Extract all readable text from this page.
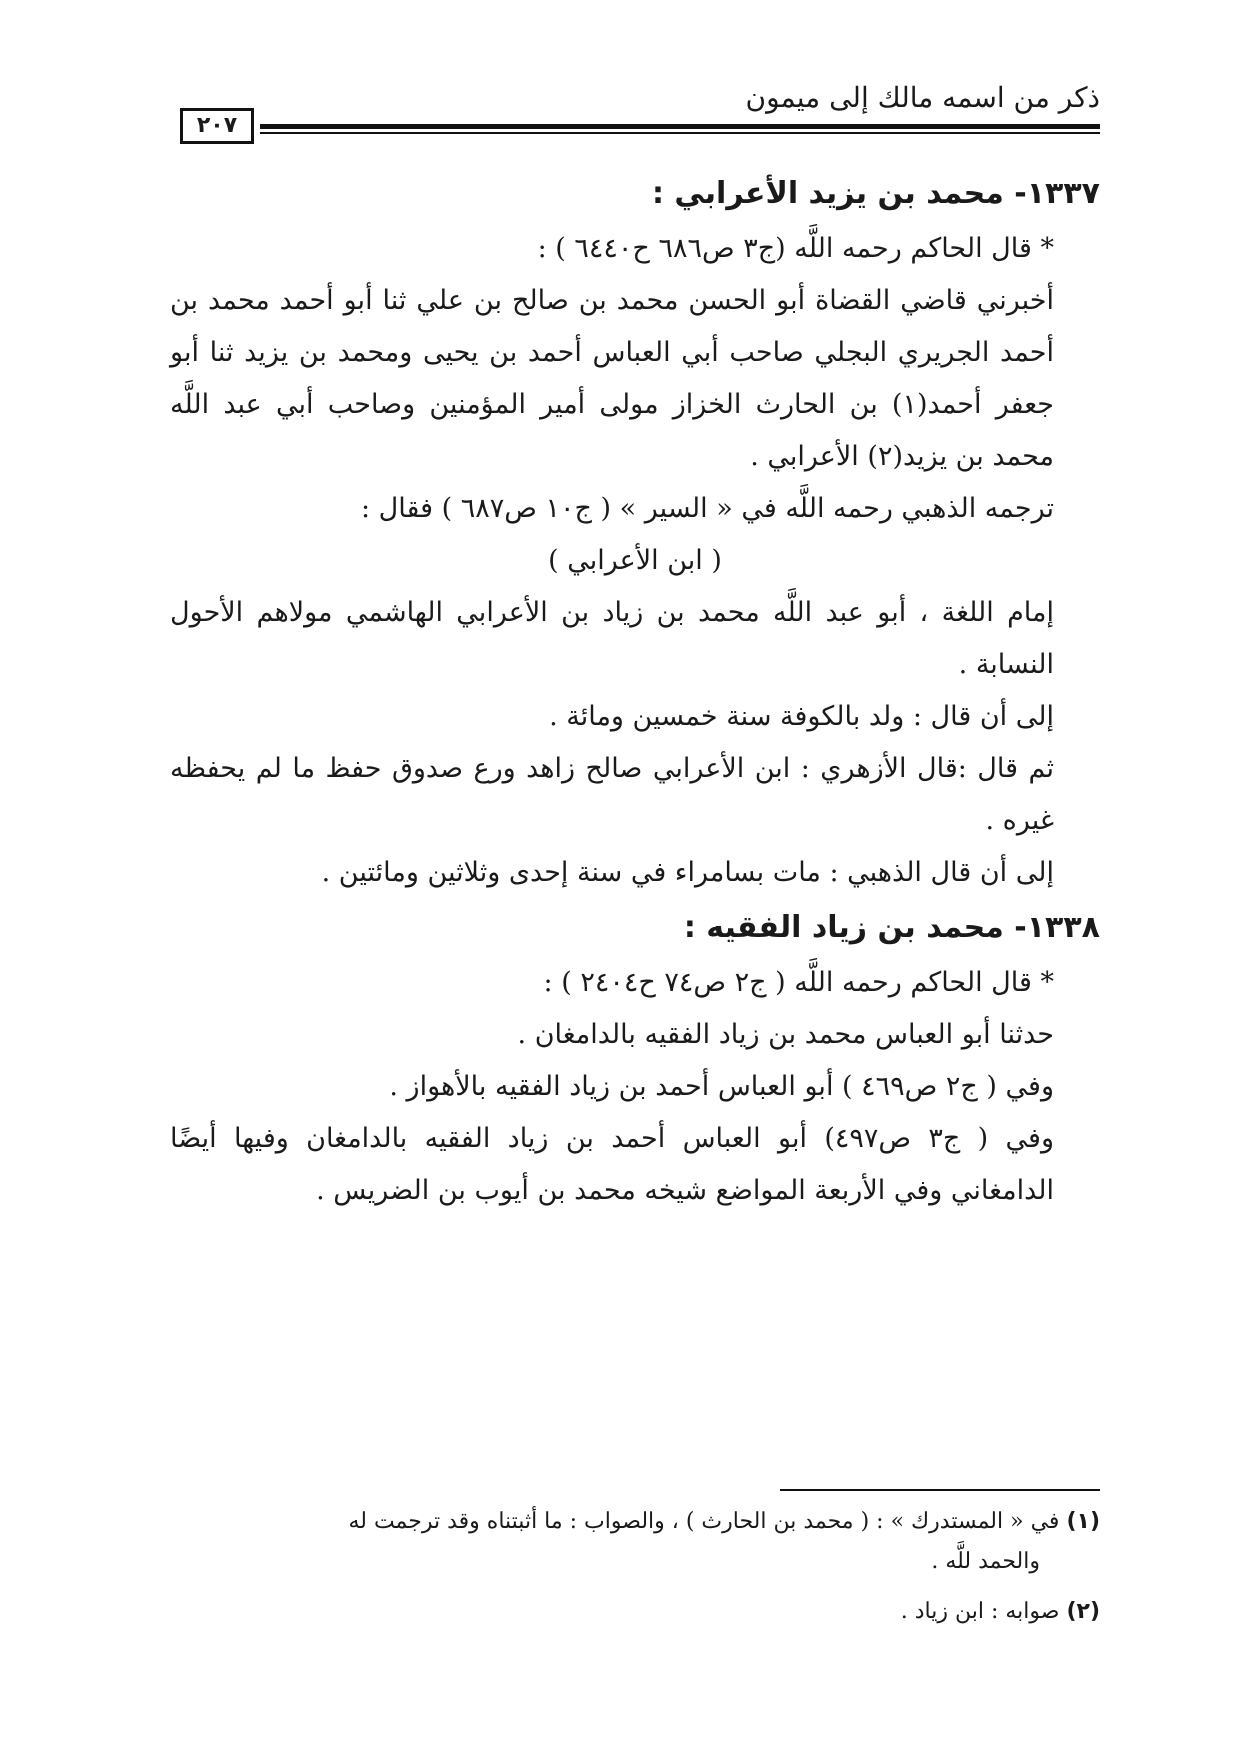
ذكر من اسمه مالك إلى ميمون
٢٠٧

١٣٣٧- محمد بن يزيد الأعرابي :

* قال الحاكم رحمه اللَّه (ج٣ ص٦٨٦ ح٦٤٤٠ ) :

أخبرني قاضي القضاة أبو الحسن محمد بن صالح بن علي ثنا أبو أحمد محمد بن أحمد الجريري البجلي صاحب أبي العباس أحمد بن يحيى ومحمد بن يزيد ثنا أبو جعفر أحمد(١) بن الحارث الخزاز مولى أمير المؤمنين وصاحب أبي عبد اللَّه محمد بن يزيد(٢) الأعرابي .

ترجمه الذهبي رحمه اللَّه في « السير » ( ج١٠ ص٦٨٧ ) فقال :

( ابن الأعرابي )

إمام اللغة ، أبو عبد اللَّه محمد بن زياد بن الأعرابي الهاشمي مولاهم الأحول النسابة .

إلى أن قال : ولد بالكوفة سنة خمسين ومائة .

ثم قال :قال الأزهري : ابن الأعرابي صالح زاهد ورع صدوق حفظ ما لم يحفظه غيره .

إلى أن قال الذهبي : مات بسامراء في سنة إحدى وثلاثين ومائتين .

١٣٣٨- محمد بن زياد الفقيه :

* قال الحاكم رحمه اللَّه ( ج٢ ص٧٤ ح٢٤٠٤ ) :

حدثنا أبو العباس محمد بن زياد الفقيه بالدامغان .

وفي ( ج٢ ص٤٦٩ ) أبو العباس أحمد بن زياد الفقيه بالأهواز .

وفي ( ج٣ ص٤٩٧) أبو العباس أحمد بن زياد الفقيه بالدامغان وفيها أيضًا الدامغاني وفي الأربعة المواضع شيخه محمد بن أيوب بن الضريس .

(١) في « المستدرك » : ( محمد بن الحارث ) ، والصواب : ما أثبتناه وقد ترجمت له

والحمد للَّه .

(٢) صوابه : ابن زياد .
